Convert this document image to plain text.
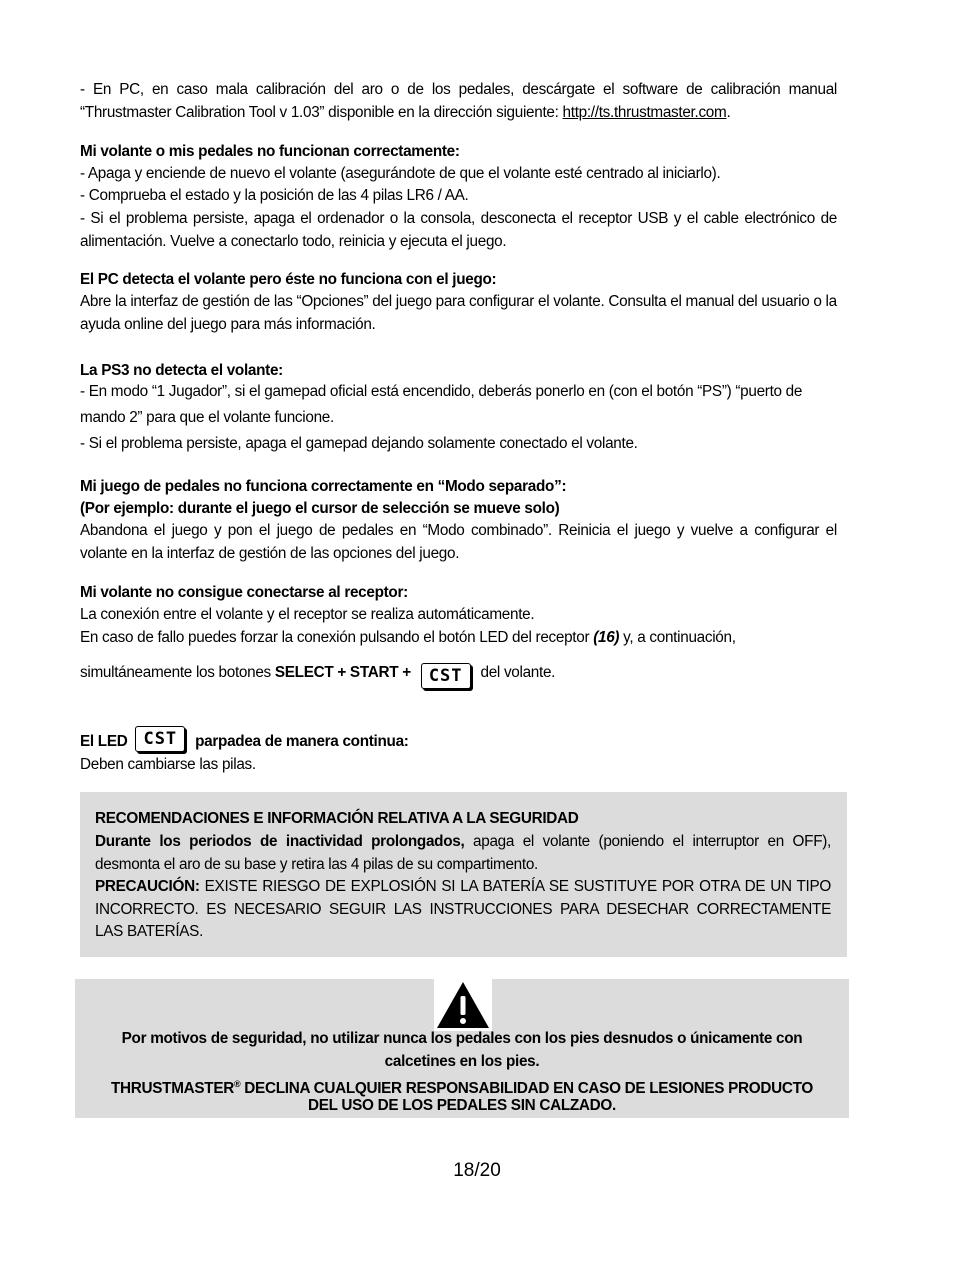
- En PC, en caso mala calibración del aro o de los pedales, descárgate el software de calibración manual “Thrustmaster Calibration Tool v 1.03” disponible en la dirección siguiente: http://ts.thrustmaster.com.
Mi volante o mis pedales no funcionan correctamente:
- Apaga y enciende de nuevo el volante (asegurándote de que el volante esté centrado al iniciarlo).
- Comprueba el estado y la posición de las 4 pilas LR6 / AA.
- Si el problema persiste, apaga el ordenador o la consola, desconecta el receptor USB y el cable electrónico de alimentación. Vuelve a conectarlo todo, reinicia y ejecuta el juego.
El PC detecta el volante pero éste no funciona con el juego:
Abre la interfaz de gestión de las “Opciones” del juego para configurar el volante. Consulta el manual del usuario o la ayuda online del juego para más información.
La PS3 no detecta el volante:
- En modo “1 Jugador”, si el gamepad oficial está encendido, deberás ponerlo en (con el botón “PS”) “puerto de
mando 2” para que el volante funcione.
- Si el problema persiste, apaga el gamepad dejando solamente conectado el volante.
Mi juego de pedales no funciona correctamente en “Modo separado”:
(Por ejemplo: durante el juego el cursor de selección se mueve solo)
Abandona el juego y pon el juego de pedales en “Modo combinado”. Reinicia el juego y vuelve a configurar el volante en la interfaz de gestión de las opciones del juego.
Mi volante no consigue conectarse al receptor:
La conexión entre el volante y el receptor se realiza automáticamente.
En caso de fallo puedes forzar la conexión pulsando el botón LED del receptor (16) y, a continuación,
simultáneamente los botones SELECT + START + CST del volante.
El LED CST parpadea de manera continua:
Deben cambiarse las pilas.
RECOMENDACIONES E INFORMACIÓN RELATIVA A LA SEGURIDAD
Durante los periodos de inactividad prolongados, apaga el volante (poniendo el interruptor en OFF), desmonta el aro de su base y retira las 4 pilas de su compartimento.
PRECAUCIÓN: EXISTE RIESGO DE EXPLOSIÓN SI LA BATERÍA SE SUSTITUYE POR OTRA DE UN TIPO INCORRECTO. ES NECESARIO SEGUIR LAS INSTRUCCIONES PARA DESECHAR CORRECTAMENTE LAS BATERÍAS.
Por motivos de seguridad, no utilizar nunca los pedales con los pies desnudos o únicamente con
calcetines en los pies.
THRUSTMASTER® DECLINA CUALQUIER RESPONSABILIDAD EN CASO DE LESIONES PRODUCTO
DEL USO DE LOS PEDALES SIN CALZADO.
18/20
